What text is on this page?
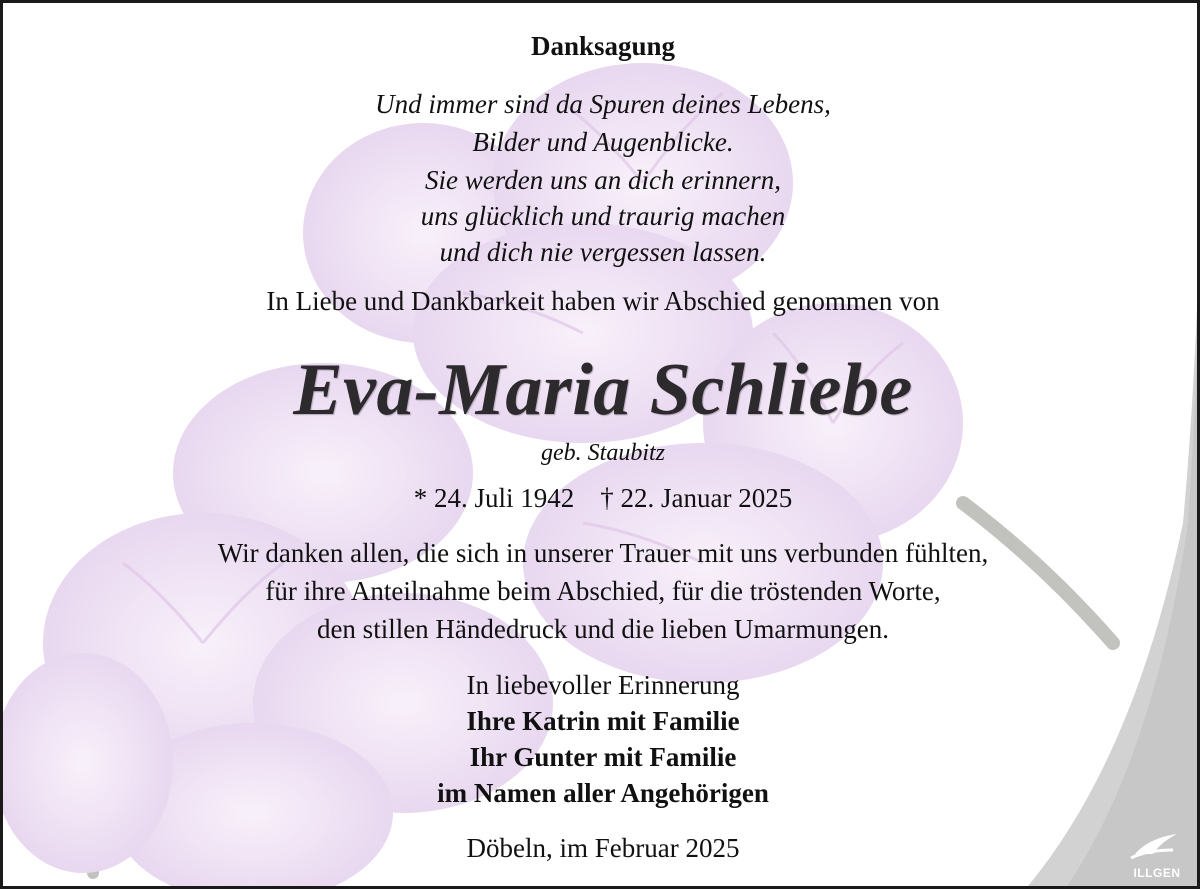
Danksagung
Und immer sind da Spuren deines Lebens,
Bilder und Augenblicke.
Sie werden uns an dich erinnern,
uns glücklich und traurig machen
und dich nie vergessen lassen.
In Liebe und Dankbarkeit haben wir Abschied genommen von
Eva-Maria Schliebe
geb. Staubitz
* 24. Juli 1942 † 22. Januar 2025
Wir danken allen, die sich in unserer Trauer mit uns verbunden fühlten,
für ihre Anteilnahme beim Abschied, für die tröstenden Worte,
den stillen Händedruck und die lieben Umarmungen.
In liebevoller Erinnerung
Ihre Katrin mit Familie
Ihr Gunter mit Familie
im Namen aller Angehörigen
Döbeln, im Februar 2025
ILLGEN
